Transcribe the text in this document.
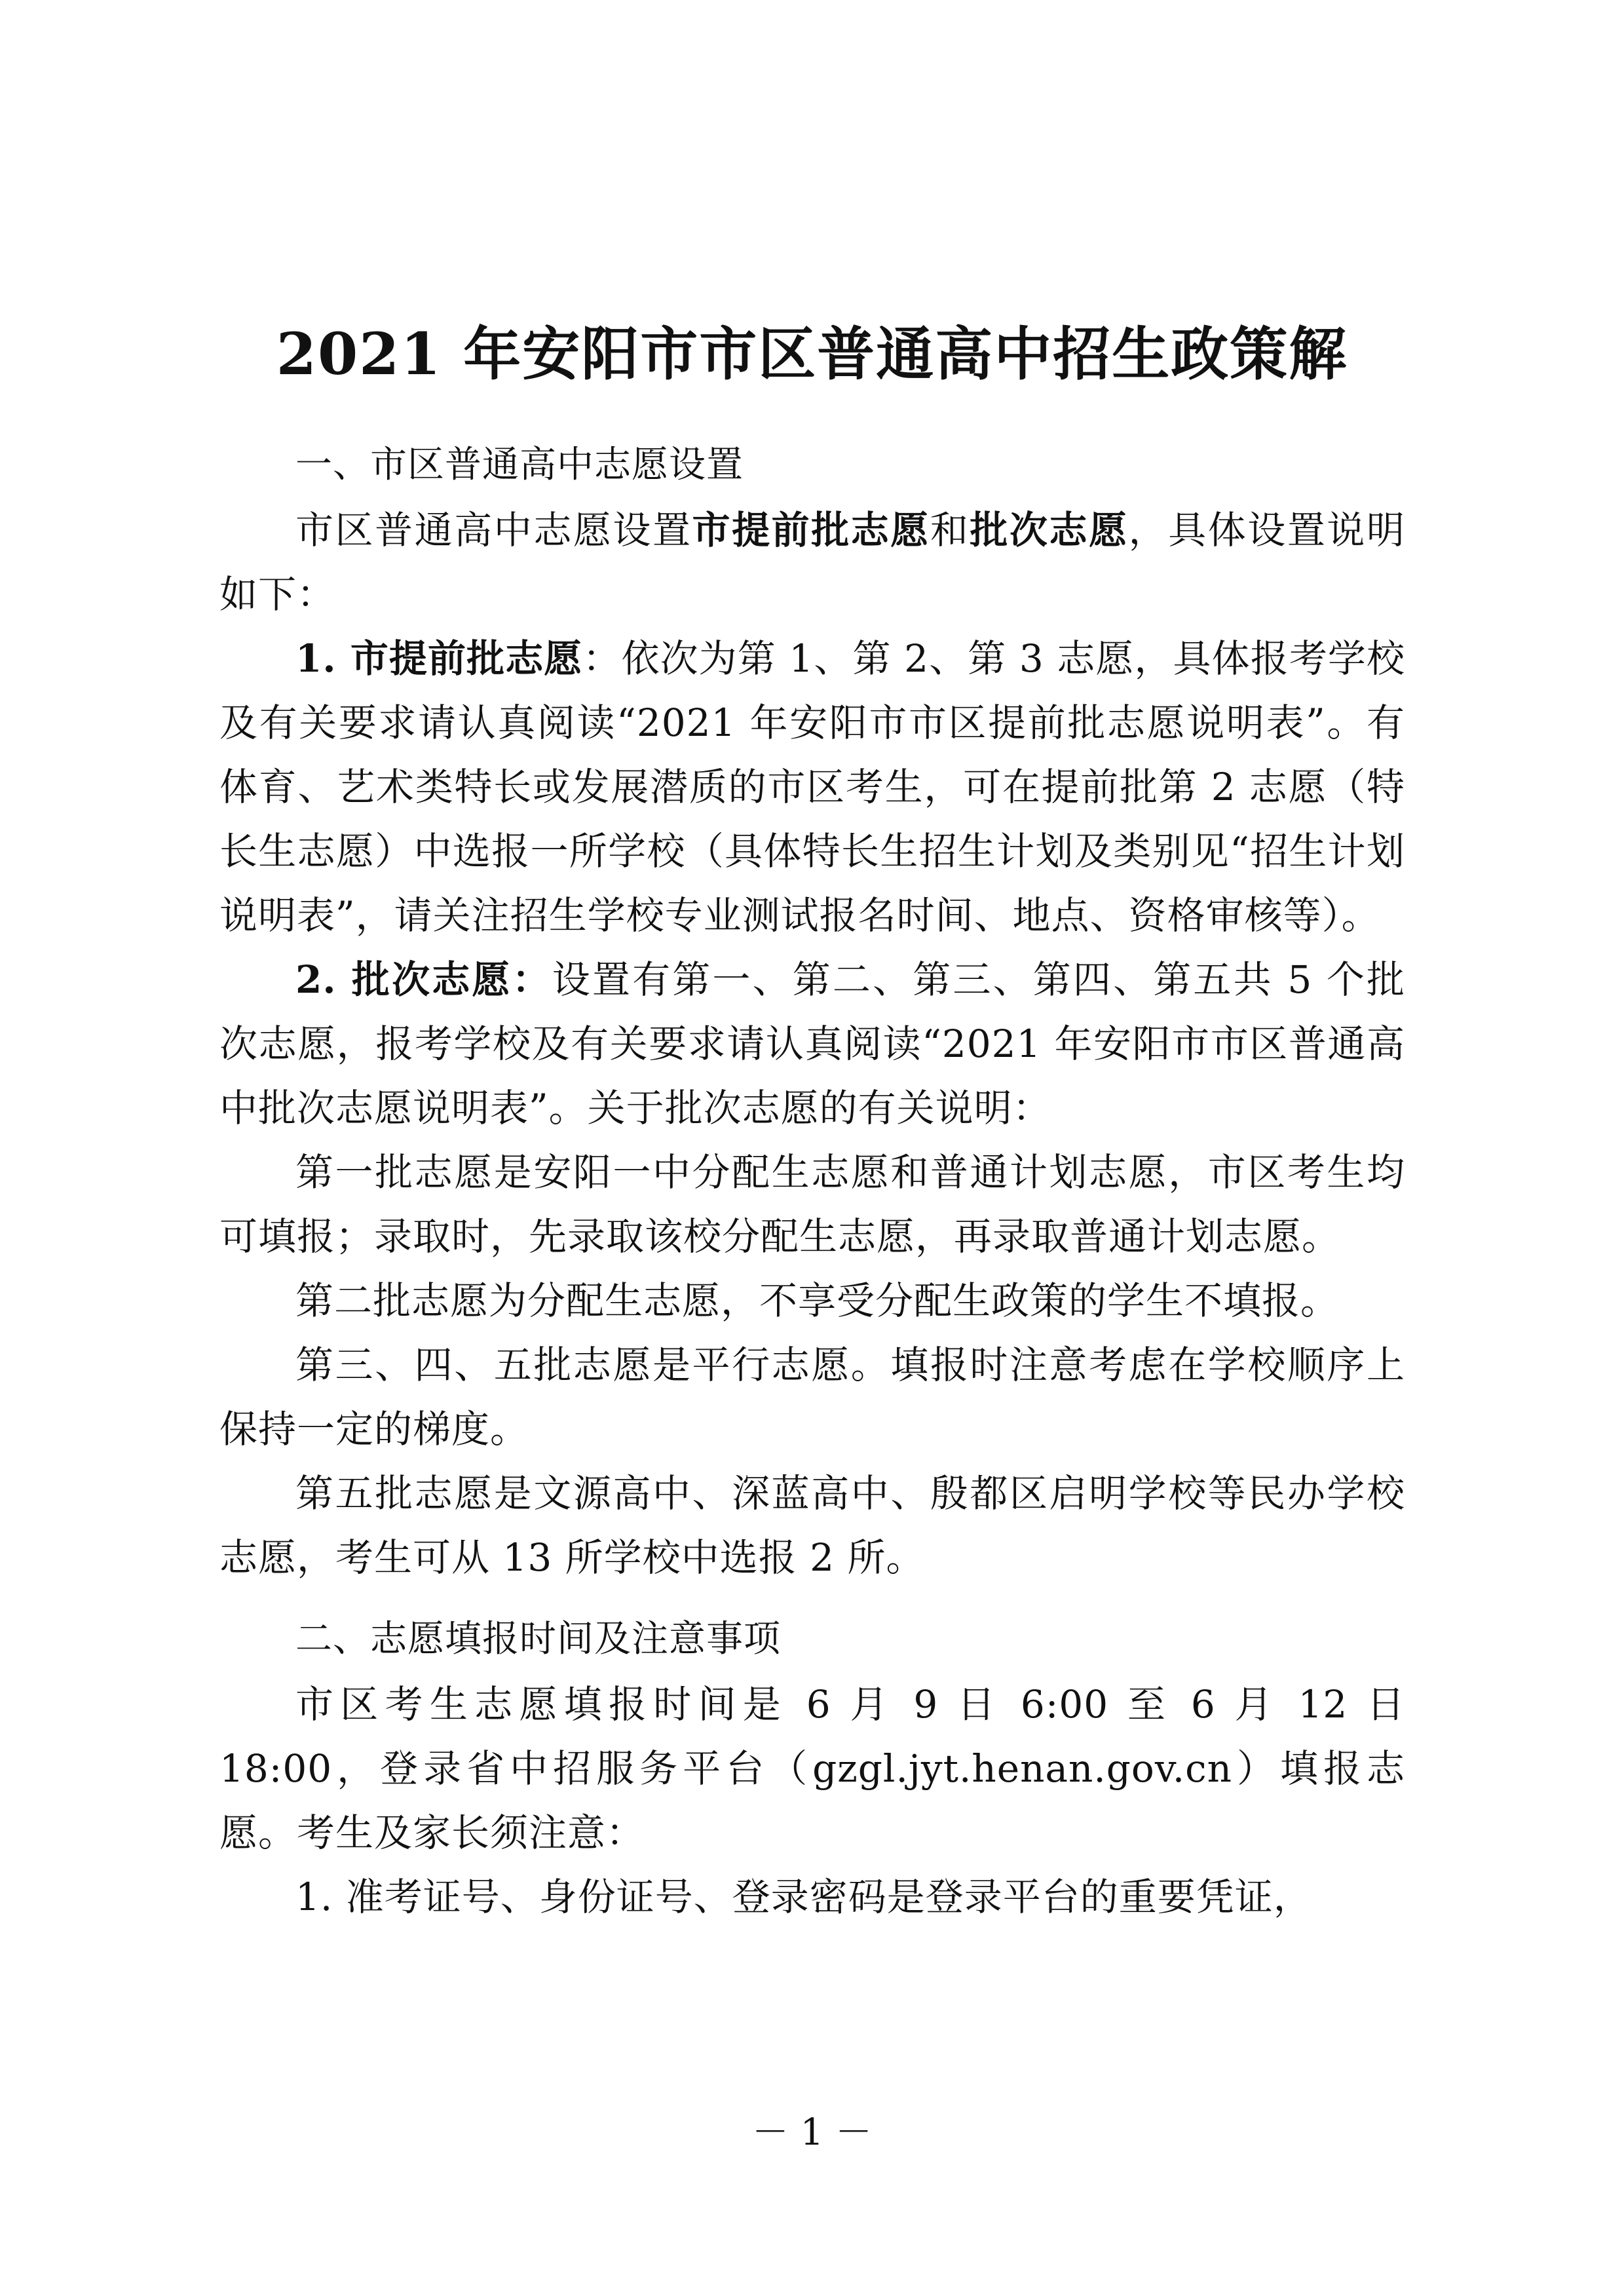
2021 年安阳市市区普通高中招生政策解

一、市区普通高中志愿设置

市区普通高中志愿设置市提前批志愿和批次志愿，具体设置说明如下：

1. 市提前批志愿：依次为第 1、第 2、第 3 志愿，具体报考学校及有关要求请认真阅读“2021 年安阳市市区提前批志愿说明表”。有体育、艺术类特长或发展潜质的市区考生，可在提前批第 2 志愿（特长生志愿）中选报一所学校（具体特长生招生计划及类别见“招生计划说明表”，请关注招生学校专业测试报名时间、地点、资格审核等）。

2. 批次志愿：设置有第一、第二、第三、第四、第五共 5 个批次志愿，报考学校及有关要求请认真阅读“2021 年安阳市市区普通高中批次志愿说明表”。关于批次志愿的有关说明：

第一批志愿是安阳一中分配生志愿和普通计划志愿，市区考生均可填报；录取时，先录取该校分配生志愿，再录取普通计划志愿。

第二批志愿为分配生志愿，不享受分配生政策的学生不填报。

第三、四、五批志愿是平行志愿。填报时注意考虑在学校顺序上保持一定的梯度。

第五批志愿是文源高中、深蓝高中、殷都区启明学校等民办学校志愿，考生可从 13 所学校中选报 2 所。

二、志愿填报时间及注意事项

市区考生志愿填报时间是 6 月 9 日 6:00 至 6 月 12 日 18:00，登录省中招服务平台（gzgl.jyt.henan.gov.cn）填报志愿。考生及家长须注意：

1. 准考证号、身份证号、登录密码是登录平台的重要凭证，

－ 1 －
